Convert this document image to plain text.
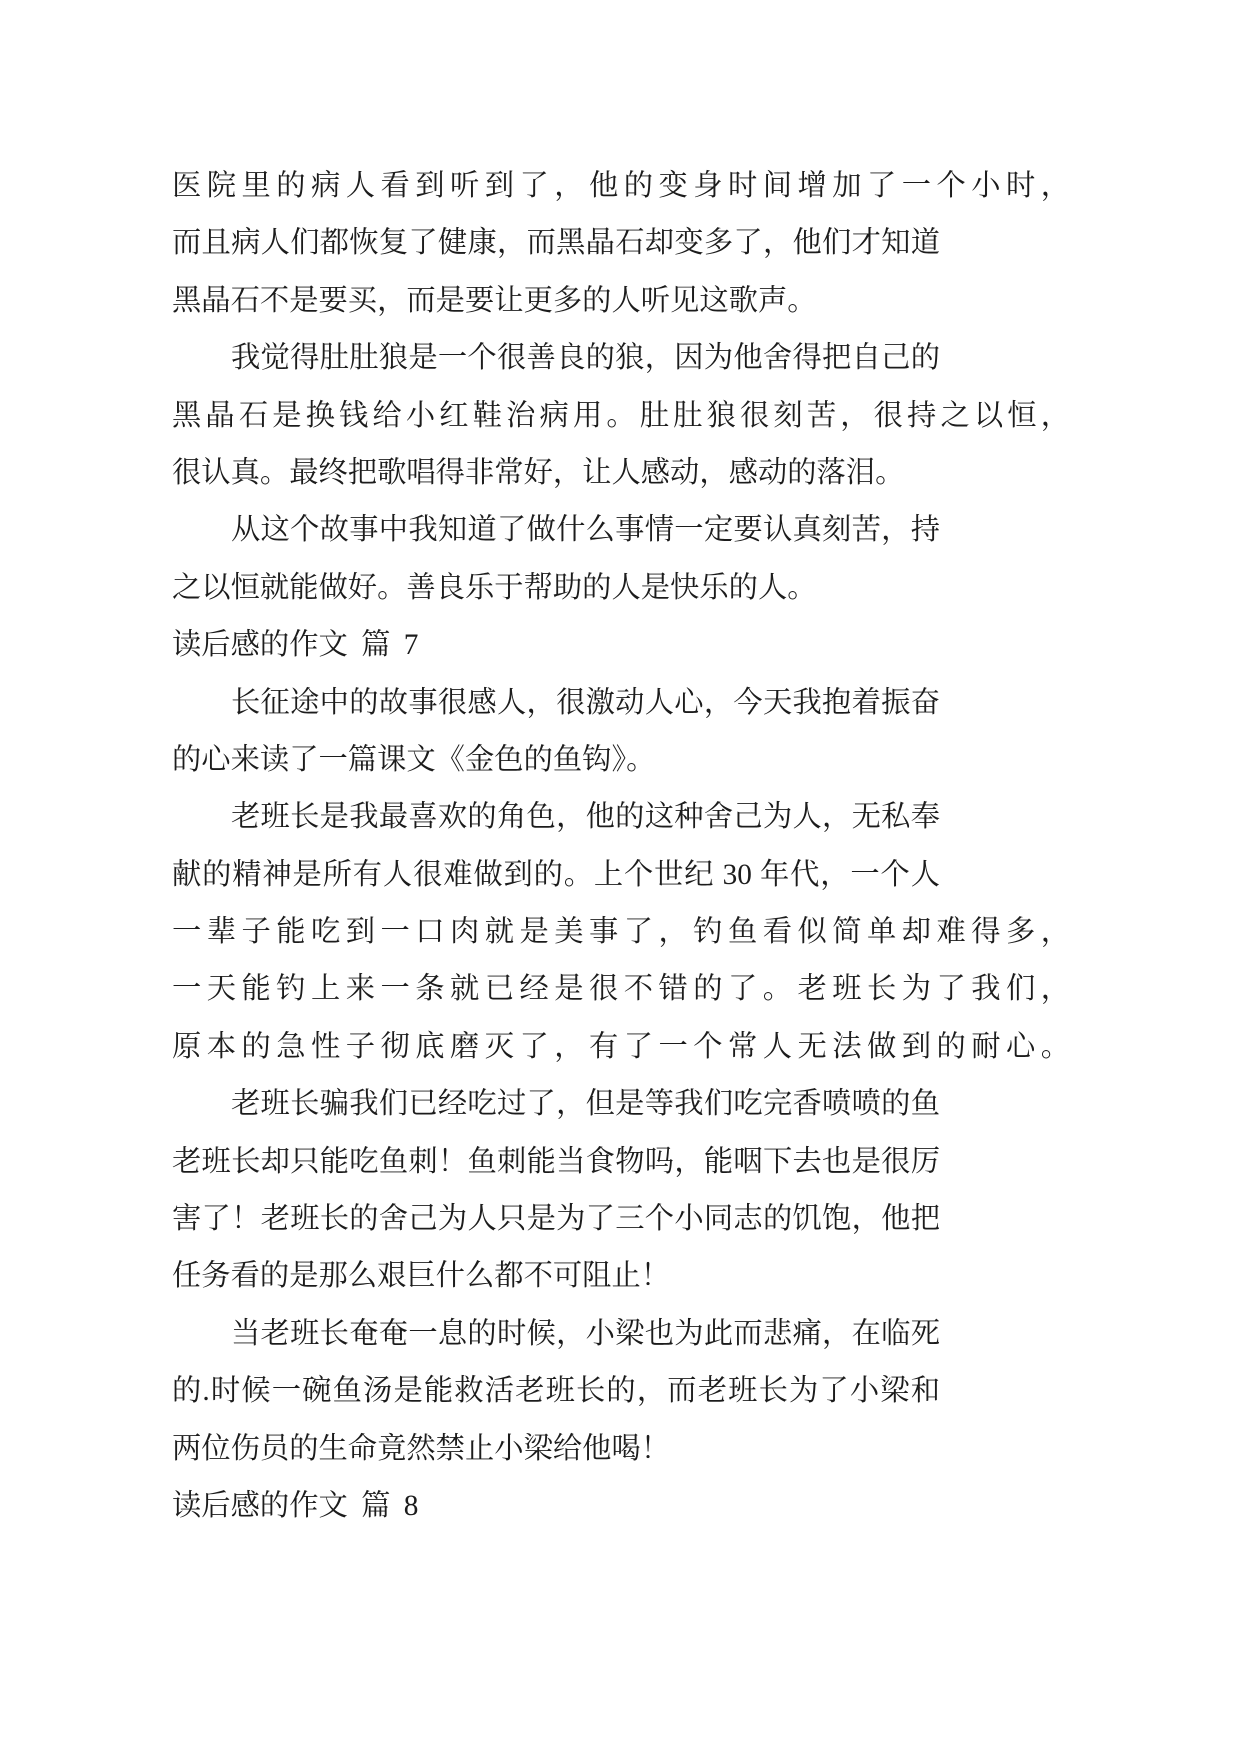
医院里的病人看到听到了，他的变身时间增加了一个小时，
而且病人们都恢复了健康，而黑晶石却变多了，他们才知道
黑晶石不是要买，而是要让更多的人听见这歌声。
我觉得肚肚狼是一个很善良的狼，因为他舍得把自己的
黑晶石是换钱给小红鞋治病用。肚肚狼很刻苦，很持之以恒，
很认真。最终把歌唱得非常好，让人感动，感动的落泪。
从这个故事中我知道了做什么事情一定要认真刻苦，持
之以恒就能做好。善良乐于帮助的人是快乐的人。
读后感的作文 篇 7
长征途中的故事很感人，很激动人心，今天我抱着振奋
的心来读了一篇课文《金色的鱼钩》。
老班长是我最喜欢的角色，他的这种舍己为人，无私奉
献的精神是所有人很难做到的。上个世纪 30 年代，一个人
一辈子能吃到一口肉就是美事了，钓鱼看似简单却难得多，
一天能钓上来一条就已经是很不错的了。老班长为了我们，
原本的急性子彻底磨灭了，有了一个常人无法做到的耐心。
老班长骗我们已经吃过了，但是等我们吃完香喷喷的鱼
老班长却只能吃鱼刺！鱼刺能当食物吗，能咽下去也是很厉
害了！老班长的舍己为人只是为了三个小同志的饥饱，他把
任务看的是那么艰巨什么都不可阻止！
当老班长奄奄一息的时候，小梁也为此而悲痛，在临死
的.时候一碗鱼汤是能救活老班长的，而老班长为了小梁和
两位伤员的生命竟然禁止小梁给他喝！
读后感的作文 篇 8
